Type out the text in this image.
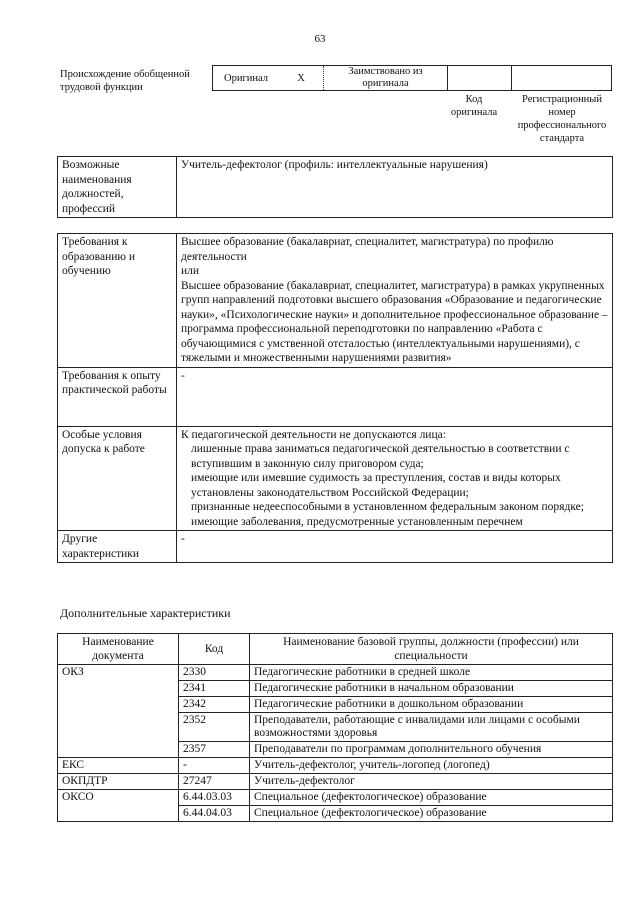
63
Происхождение обобщенной трудовой функции
Оригинал	X
Заимствовано из оригинала
Код оригинала
Регистрационный номер профессионального стандарта
Возможные наименования должностей, профессий	Учитель-дефектолог (профиль: интеллектуальные нарушения)
Требования к образованию и обучению	Высшее образование (бакалавриат, специалитет, магистратура) по профилю деятельности
или
Высшее образование (бакалавриат, специалитет, магистратура) в рамках укрупненных групп направлений подготовки высшего образования «Образование и педагогические науки», «Психологические науки» и дополнительное профессиональное образование – программа профессиональной переподготовки по направлению «Работа с обучающимися с умственной отсталостью (интеллектуальными нарушениями), с тяжелыми и множественными нарушениями развития»

Требования к опыту практической работы	-
Особые условия допуска к работе	К педагогической деятельности не допускаются лица:
лишенные права заниматься педагогической деятельностью в соответствии с вступившим в законную силу приговором суда;
имеющие или имевшие судимость за преступления, состав и виды которых установлены законодательством Российской Федерации;
признанные недееспособными в установленном федеральным законом порядке;
имеющие заболевания, предусмотренные установленным перечнем

Другие характеристики	-
Дополнительные характеристики
Наименование документа	Код	Наименование базовой группы, должности (профессии) или специальности
ОКЗ	2330	Педагогические работники в средней школе
	2341	Педагогические работники в начальном образовании
	2342	Педагогические работники в дошкольном образовании
	2352	Преподаватели, работающие с инвалидами или лицами с особыми возможностями здоровья
	2357	Преподаватели по программам дополнительного обучения
ЕКС	-	Учитель-дефектолог, учитель-логопед (логопед)
ОКПДТР	27247	Учитель-дефектолог
ОКСО	6.44.03.03	Специальное (дефектологическое) образование
	6.44.04.03	Специальное (дефектологическое) образование
